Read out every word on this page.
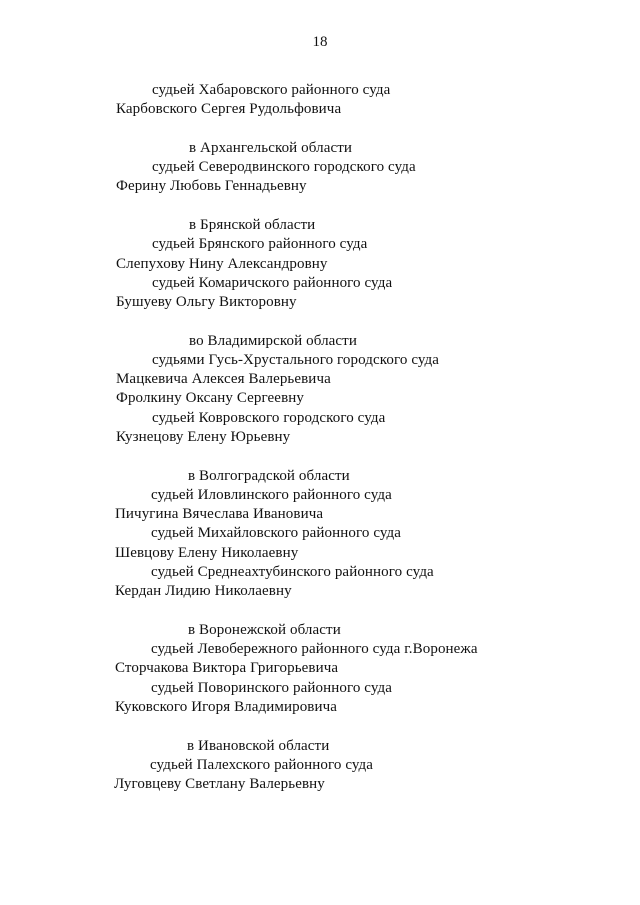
18
судьей Хабаровского районного суда
Карбовского Сергея Рудольфовича
в Архангельской области
судьей Северодвинского городского суда
Ферину Любовь Геннадьевну
в Брянской области
судьей Брянского районного суда
Слепухову Нину Александровну
судьей Комаричского районного суда
Бушуеву Ольгу Викторовну
во Владимирской области
судьями Гусь-Хрустального городского суда
Мацкевича Алексея Валерьевича
Фролкину Оксану Сергеевну
судьей Ковровского городского суда
Кузнецову Елену Юрьевну
в Волгоградской области
судьей Иловлинского районного суда
Пичугина Вячеслава Ивановича
судьей Михайловского районного суда
Шевцову Елену Николаевну
судьей Среднеахтубинского районного суда
Кердан Лидию Николаевну
в Воронежской области
судьей Левобережного районного суда г.Воронежа
Сторчакова Виктора Григорьевича
судьей Поворинского районного суда
Куковского Игоря Владимировича
в Ивановской области
судьей Палехского районного суда
Луговцеву Светлану Валерьевну
